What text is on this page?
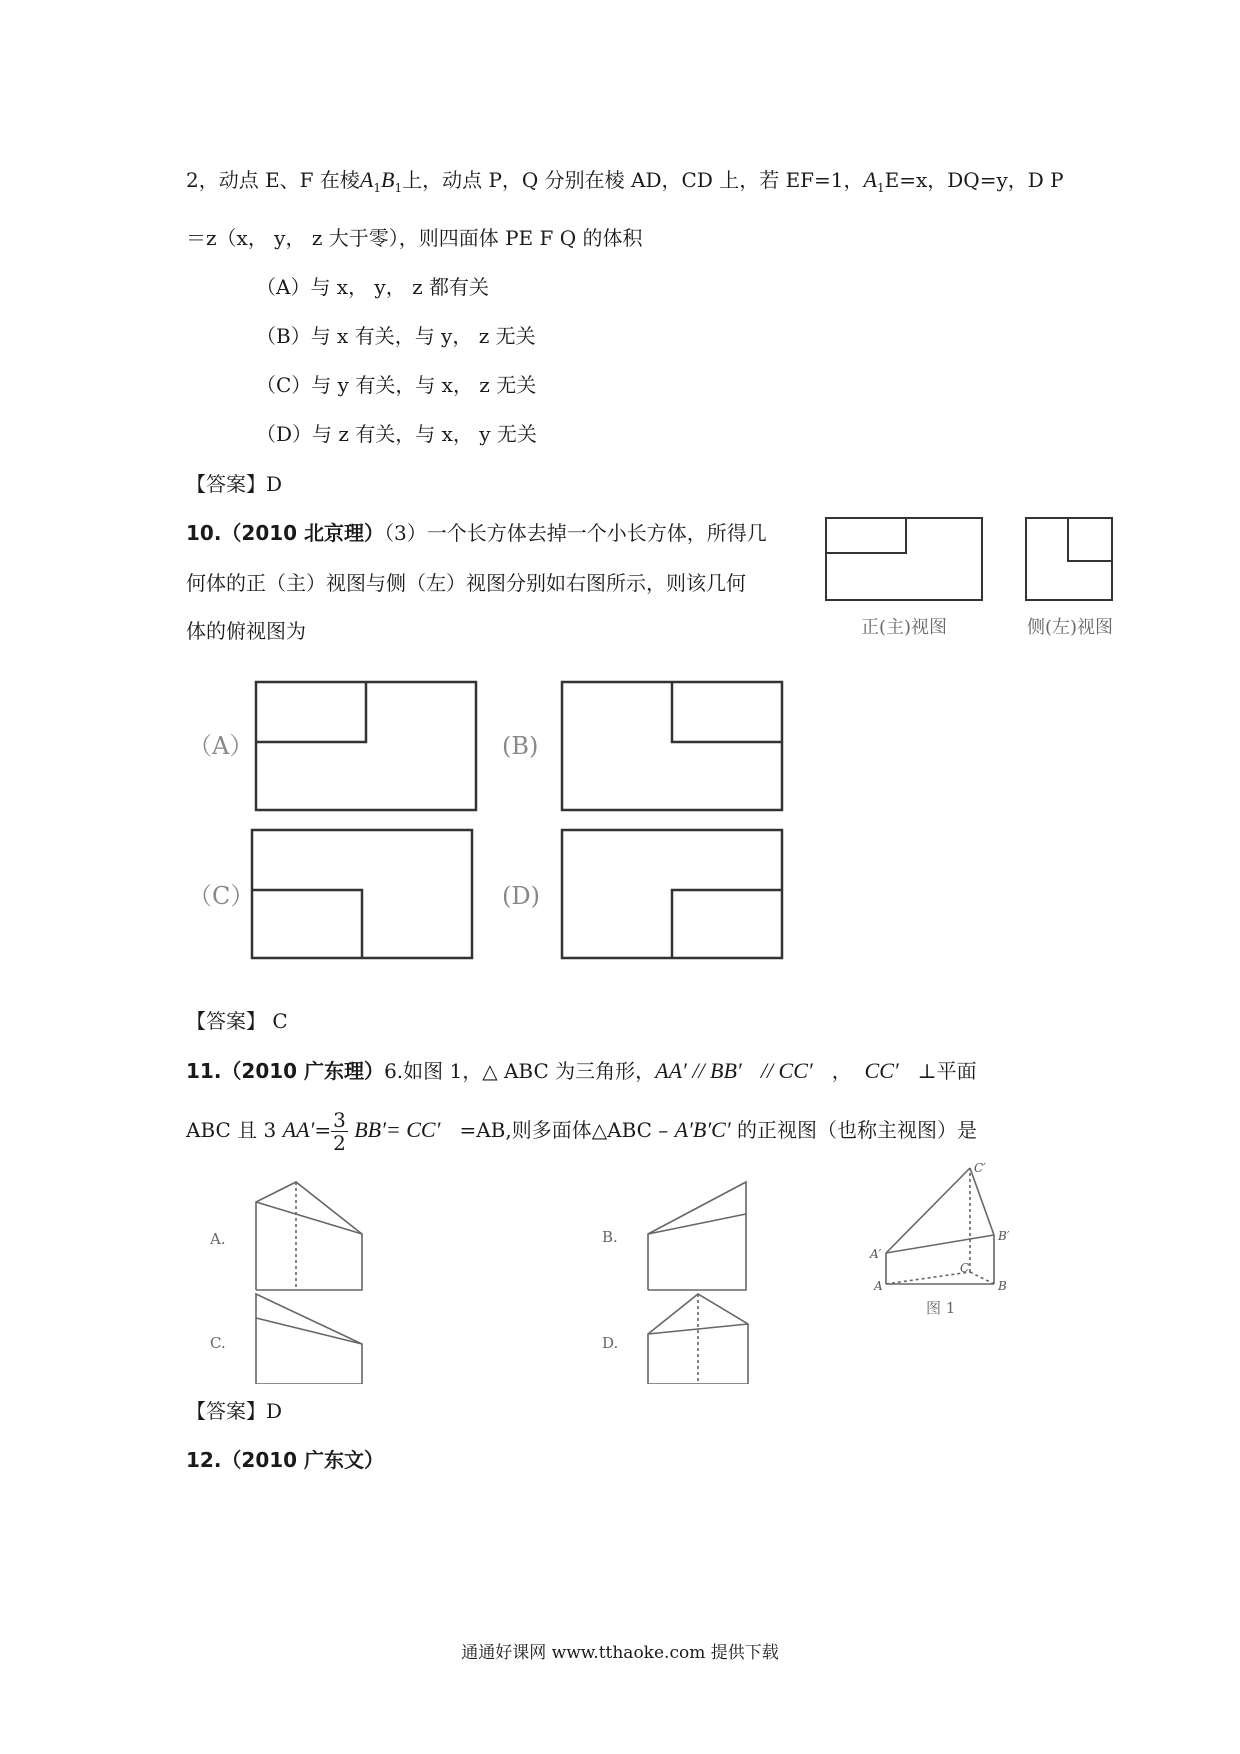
2，动点 E、F 在棱$A_1B_1$上，动点 P，Q 分别在棱 AD，CD 上，若 EF=1，$A_1E=x$，DQ=y，D P
＝z（x， y， z 大于零），则四面体 PE F Q 的体积
（A）与 x， y， z 都有关
（B）与 x 有关，与 y， z 无关
（C）与 y 有关，与 x， z 无关
（D）与 z 有关，与 x， y 无关
【答案】D
10.（2010 北京理）（3）一个长方体去掉一个小长方体，所得几
何体的正（主）视图与侧（左）视图分别如右图所示，则该几何
体的俯视图为	正(主)视图	侧(左)视图
（A）	(B)
（C）	(D)
【答案】 C
11.（2010 广东理）6.如图 1，△ ABC 为三角形，AA′ // BB′ // CC′ ， CC′ ⊥平面
ABC 且 3 $AA'= \frac{3}{2} BB'= CC' =AB$,则多面体△ABC – A′B′C′ 的正视图（也称主视图）是
A.	B.
C.	D.
C′
B′
A′
C
A	B
图 1
【答案】D
12.（2010 广东文）
通通好课网 www.tthaoke.com 提供下载
